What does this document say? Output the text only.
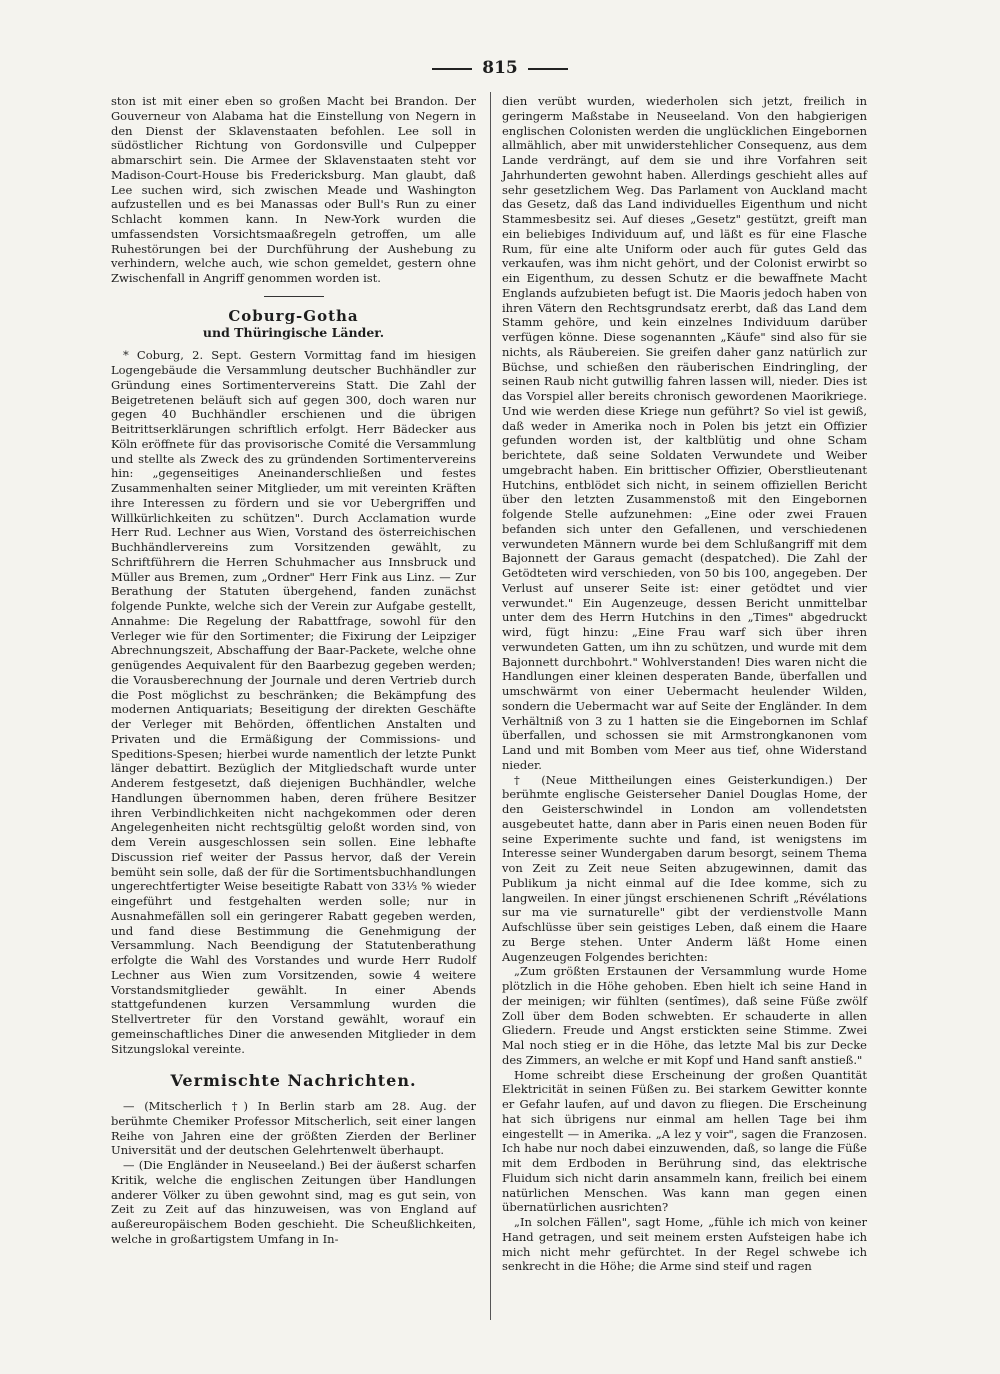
815

ston ist mit einer eben so großen Macht bei Brandon. Der Gouverneur von Alabama hat die Einstellung von Negern in den Dienst der Sklavenstaaten befohlen. Lee soll in südöstlicher Richtung von Gordonsville und Culpepper abmarschirt sein. Die Armee der Sklavenstaaten steht vor Madison-Court-House bis Fredericksburg. Man glaubt, daß Lee suchen wird, sich zwischen Meade und Washington aufzustellen und es bei Manassas oder Bull's Run zu einer Schlacht kommen kann. In New-York wurden die umfassendsten Vorsichtsmaaßregeln getroffen, um alle Ruhestörungen bei der Durchführung der Aushebung zu verhindern, welche auch, wie schon gemeldet, gestern ohne Zwischenfall in Angriff genommen worden ist.

Coburg-Gotha
und Thüringische Länder.

* Coburg, 2. Sept. Gestern Vormittag fand im hiesigen Logengebäude die Versammlung deutscher Buchhändler zur Gründung eines Sortimentervereins Statt. Die Zahl der Beigetretenen beläuft sich auf gegen 300, doch waren nur gegen 40 Buchhändler erschienen und die übrigen Beitrittserklärungen schriftlich erfolgt. Herr Bädecker aus Köln eröffnete für das provisorische Comité die Versammlung und stellte als Zweck des zu gründenden Sortimentervereins hin: „gegenseitiges Aneinanderschließen und festes Zusammenhalten seiner Mitglieder, um mit vereinten Kräften ihre Interessen zu fördern und sie vor Uebergriffen und Willkürlichkeiten zu schützen". Durch Acclamation wurde Herr Rud. Lechner aus Wien, Vorstand des österreichischen Buchhändlervereins zum Vorsitzenden gewählt, zu Schriftführern die Herren Schuhmacher aus Innsbruck und Müller aus Bremen, zum „Ordner" Herr Fink aus Linz. — Zur Berathung der Statuten übergehend, fanden zunächst folgende Punkte, welche sich der Verein zur Aufgabe gestellt, Annahme: Die Regelung der Rabattfrage, sowohl für den Verleger wie für den Sortimenter; die Fixirung der Leipziger Abrechnungszeit, Abschaffung der Baar-Packete, welche ohne genügendes Aequivalent für den Baarbezug gegeben werden; die Vorausberechnung der Journale und deren Vertrieb durch die Post möglichst zu beschränken; die Bekämpfung des modernen Antiquariats; Beseitigung der direkten Geschäfte der Verleger mit Behörden, öffentlichen Anstalten und Privaten und die Ermäßigung der Commissions- und Speditions-Spesen; hierbei wurde namentlich der letzte Punkt länger debattirt. Bezüglich der Mitgliedschaft wurde unter Anderem festgesetzt, daß diejenigen Buchhändler, welche Handlungen übernommen haben, deren frühere Besitzer ihren Verbindlichkeiten nicht nachgekommen oder deren Angelegenheiten nicht rechtsgültig geloßt worden sind, von dem Verein ausgeschlossen sein sollen. Eine lebhafte Discussion rief weiter der Passus hervor, daß der Verein bemüht sein solle, daß der für die Sortimentsbuchhandlungen ungerechtfertigter Weise beseitigte Rabatt von 33⅓ % wieder eingeführt und festgehalten werden solle; nur in Ausnahmefällen soll ein geringerer Rabatt gegeben werden, und fand diese Bestimmung die Genehmigung der Versammlung. Nach Beendigung der Statutenberathung erfolgte die Wahl des Vorstandes und wurde Herr Rudolf Lechner aus Wien zum Vorsitzenden, sowie 4 weitere Vorstandsmitglieder gewählt. In einer Abends stattgefundenen kurzen Versammlung wurden die Stellvertreter für den Vorstand gewählt, worauf ein gemeinschaftliches Diner die anwesenden Mitglieder in dem Sitzungslokal vereinte.

Vermischte Nachrichten.

— (Mitscherlich †) In Berlin starb am 28. Aug. der berühmte Chemiker Professor Mitscherlich, seit einer langen Reihe von Jahren eine der größten Zierden der Berliner Universität und der deutschen Gelehrtenwelt überhaupt.

— (Die Engländer in Neuseeland.) Bei der äußerst scharfen Kritik, welche die englischen Zeitungen über Handlungen anderer Völker zu üben gewohnt sind, mag es gut sein, von Zeit zu Zeit auf das hinzuweisen, was von England auf außereuropäischem Boden geschieht. Die Scheußlichkeiten, welche in großartigstem Umfang in In-

dien verübt wurden, wiederholen sich jetzt, freilich in geringerm Maßstabe in Neuseeland. Von den habgierigen englischen Colonisten werden die unglücklichen Eingebornen allmählich, aber mit unwiderstehlicher Consequenz, aus dem Lande verdrängt, auf dem sie und ihre Vorfahren seit Jahrhunderten gewohnt haben. Allerdings geschieht alles auf sehr gesetzlichem Weg. Das Parlament von Auckland macht das Gesetz, daß das Land individuelles Eigenthum und nicht Stammesbesitz sei. Auf dieses „Gesetz" gestützt, greift man ein beliebiges Individuum auf, und läßt es für eine Flasche Rum, für eine alte Uniform oder auch für gutes Geld das verkaufen, was ihm nicht gehört, und der Colonist erwirbt so ein Eigenthum, zu dessen Schutz er die bewaffnete Macht Englands aufzubieten befugt ist. Die Maoris jedoch haben von ihren Vätern den Rechtsgrundsatz ererbt, daß das Land dem Stamm gehöre, und kein einzelnes Individuum darüber verfügen könne. Diese sogenannten „Käufe" sind also für sie nichts, als Räubereien. Sie greifen daher ganz natürlich zur Büchse, und schießen den räuberischen Eindringling, der seinen Raub nicht gutwillig fahren lassen will, nieder. Dies ist das Vorspiel aller bereits chronisch gewordenen Maorikriege. Und wie werden diese Kriege nun geführt? So viel ist gewiß, daß weder in Amerika noch in Polen bis jetzt ein Offizier gefunden worden ist, der kaltblütig und ohne Scham berichtete, daß seine Soldaten Verwundete und Weiber umgebracht haben. Ein brittischer Offizier, Oberstlieutenant Hutchins, entblödet sich nicht, in seinem offiziellen Bericht über den letzten Zusammenstoß mit den Eingebornen folgende Stelle aufzunehmen: „Eine oder zwei Frauen befanden sich unter den Gefallenen, und verschiedenen verwundeten Männern wurde bei dem Schlußangriff mit dem Bajonnett der Garaus gemacht (despatched). Die Zahl der Getödteten wird verschieden, von 50 bis 100, angegeben. Der Verlust auf unserer Seite ist: einer getödtet und vier verwundet." Ein Augenzeuge, dessen Bericht unmittelbar unter dem des Herrn Hutchins in den „Times" abgedruckt wird, fügt hinzu: „Eine Frau warf sich über ihren verwundeten Gatten, um ihn zu schützen, und wurde mit dem Bajonnett durchbohrt." Wohlverstanden! Dies waren nicht die Handlungen einer kleinen desperaten Bande, überfallen und umschwärmt von einer Uebermacht heulender Wilden, sondern die Uebermacht war auf Seite der Engländer. In dem Verhältniß von 3 zu 1 hatten sie die Eingebornen im Schlaf überfallen, und schossen sie mit Armstrongkanonen vom Land und mit Bomben vom Meer aus tief, ohne Widerstand nieder.

† (Neue Mittheilungen eines Geisterkundigen.) Der berühmte englische Geisterseher Daniel Douglas Home, der den Geisterschwindel in London am vollendetsten ausgebeutet hatte, dann aber in Paris einen neuen Boden für seine Experimente suchte und fand, ist wenigstens im Interesse seiner Wundergaben darum besorgt, seinem Thema von Zeit zu Zeit neue Seiten abzugewinnen, damit das Publikum ja nicht einmal auf die Idee komme, sich zu langweilen. In einer jüngst erschienenen Schrift „Révélations sur ma vie surnaturelle" gibt der verdienstvolle Mann Aufschlüsse über sein geistiges Leben, daß einem die Haare zu Berge stehen. Unter Anderm läßt Home einen Augenzeugen Folgendes berichten:

„Zum größten Erstaunen der Versammlung wurde Home plötzlich in die Höhe gehoben. Eben hielt ich seine Hand in der meinigen; wir fühlten (sentîmes), daß seine Füße zwölf Zoll über dem Boden schwebten. Er schauderte in allen Gliedern. Freude und Angst erstickten seine Stimme. Zwei Mal noch stieg er in die Höhe, das letzte Mal bis zur Decke des Zimmers, an welche er mit Kopf und Hand sanft anstieß."

Home schreibt diese Erscheinung der großen Quantität Elektricität in seinen Füßen zu. Bei starkem Gewitter konnte er Gefahr laufen, auf und davon zu fliegen. Die Erscheinung hat sich übrigens nur einmal am hellen Tage bei ihm eingestellt — in Amerika. „A lez y voir", sagen die Franzosen. Ich habe nur noch dabei einzuwenden, daß, so lange die Füße mit dem Erdboden in Berührung sind, das elektrische Fluidum sich nicht darin ansammeln kann, freilich bei einem natürlichen Menschen. Was kann man gegen einen übernatürlichen ausrichten?

„In solchen Fällen", sagt Home, „fühle ich mich von keiner Hand getragen, und seit meinem ersten Aufsteigen habe ich mich nicht mehr gefürchtet. In der Regel schwebe ich senkrecht in die Höhe; die Arme sind steif und ragen
